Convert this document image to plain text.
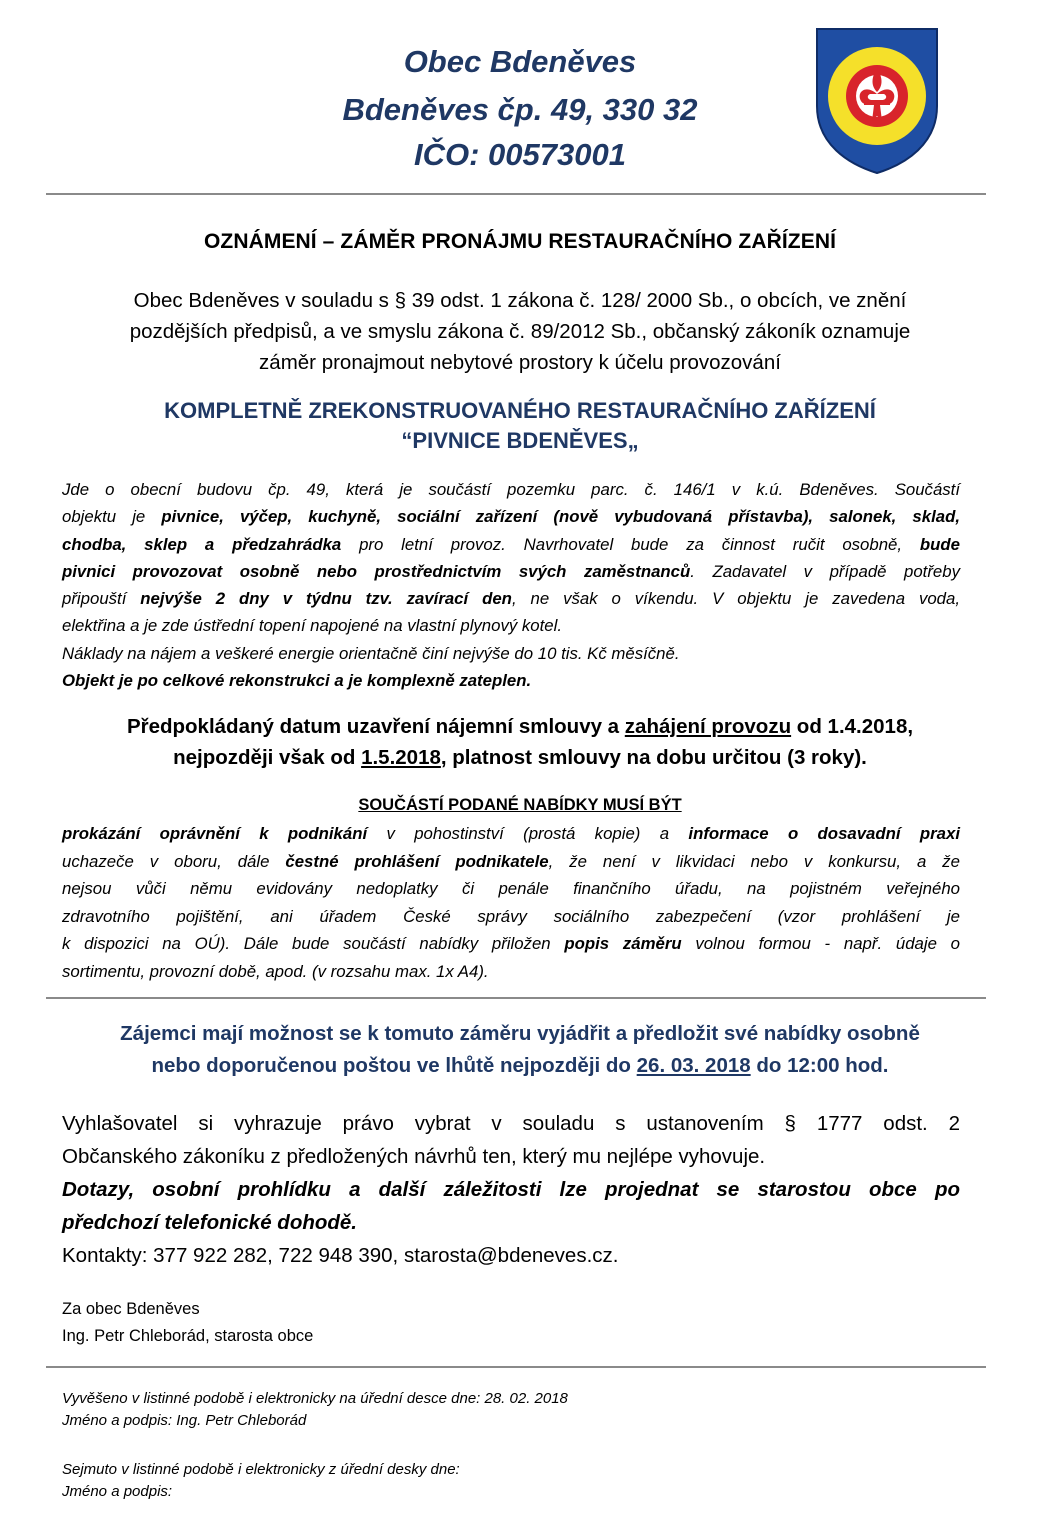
Obec Bdeněves
Bdeněves čp. 49, 330 32
IČO: 00573001
OZNÁMENÍ – ZÁMĚR PRONÁJMU RESTAURAČNÍHO ZAŘÍZENÍ
Obec Bdeněves v souladu s § 39 odst. 1 zákona č. 128/ 2000 Sb., o obcích, ve znění
pozdějších předpisů, a ve smyslu zákona č. 89/2012 Sb., občanský zákoník oznamuje
záměr pronajmout nebytové prostory k účelu provozování
KOMPLETNĚ ZREKONSTRUOVANÉHO RESTAURAČNÍHO ZAŘÍZENÍ
“PIVNICE BDENĚVES„
Jde o obecní budovu čp. 49, která je součástí pozemku parc. č. 146/1 v k.ú. Bdeněves. Součástí
objektu je pivnice, výčep, kuchyně, sociální zařízení (nově vybudovaná přístavba), salonek, sklad,
chodba, sklep a předzahrádka pro letní provoz. Navrhovatel bude za činnost ručit osobně, bude
pivnici provozovat osobně nebo prostřednictvím svých zaměstnanců. Zadavatel v případě potřeby
připouští nejvýše 2 dny v týdnu tzv. zavírací den, ne však o víkendu. V objektu je zavedena voda,
elektřina a je zde ústřední topení napojené na vlastní plynový kotel.
Náklady na nájem a veškeré energie orientačně činí nejvýše do 10 tis. Kč měsíčně.
Objekt je po celkové rekonstrukci a je komplexně zateplen.
Předpokládaný datum uzavření nájemní smlouvy a zahájení provozu od 1.4.2018,
nejpozději však od 1.5.2018, platnost smlouvy na dobu určitou (3 roky).
SOUČÁSTÍ PODANÉ NABÍDKY MUSÍ BÝT
prokázání oprávnění k podnikání v pohostinství (prostá kopie) a informace o dosavadní praxi
uchazeče v oboru, dále čestné prohlášení podnikatele, že není v likvidaci nebo v konkursu, a že
nejsou vůči němu evidovány nedoplatky či penále finančního úřadu, na pojistném veřejného
zdravotního pojištění, ani úřadem České správy sociálního zabezpečení (vzor prohlášení je
k dispozici na OÚ). Dále bude součástí nabídky přiložen popis záměru volnou formou - např. údaje o
sortimentu, provozní době, apod. (v rozsahu max. 1x A4).
Zájemci mají možnost se k tomuto záměru vyjádřit a předložit své nabídky osobně
nebo doporučenou poštou ve lhůtě nejpozději do 26. 03. 2018 do 12:00 hod.
Vyhlašovatel si vyhrazuje právo vybrat v souladu s ustanovením § 1777 odst. 2
Občanského zákoníku z předložených návrhů ten, který mu nejlépe vyhovuje.
Dotazy, osobní prohlídku a další záležitosti lze projednat se starostou obce po
předchozí telefonické dohodě.
Kontakty: 377 922 282, 722 948 390, starosta@bdeneves.cz.
Za obec Bdeněves
Ing. Petr Chleborád, starosta obce
Vyvěšeno v listinné podobě i elektronicky na úřední desce dne: 28. 02. 2018
Jméno a podpis: Ing. Petr Chleborád
Sejmuto v listinné podobě i elektronicky z úřední desky dne:
Jméno a podpis:
